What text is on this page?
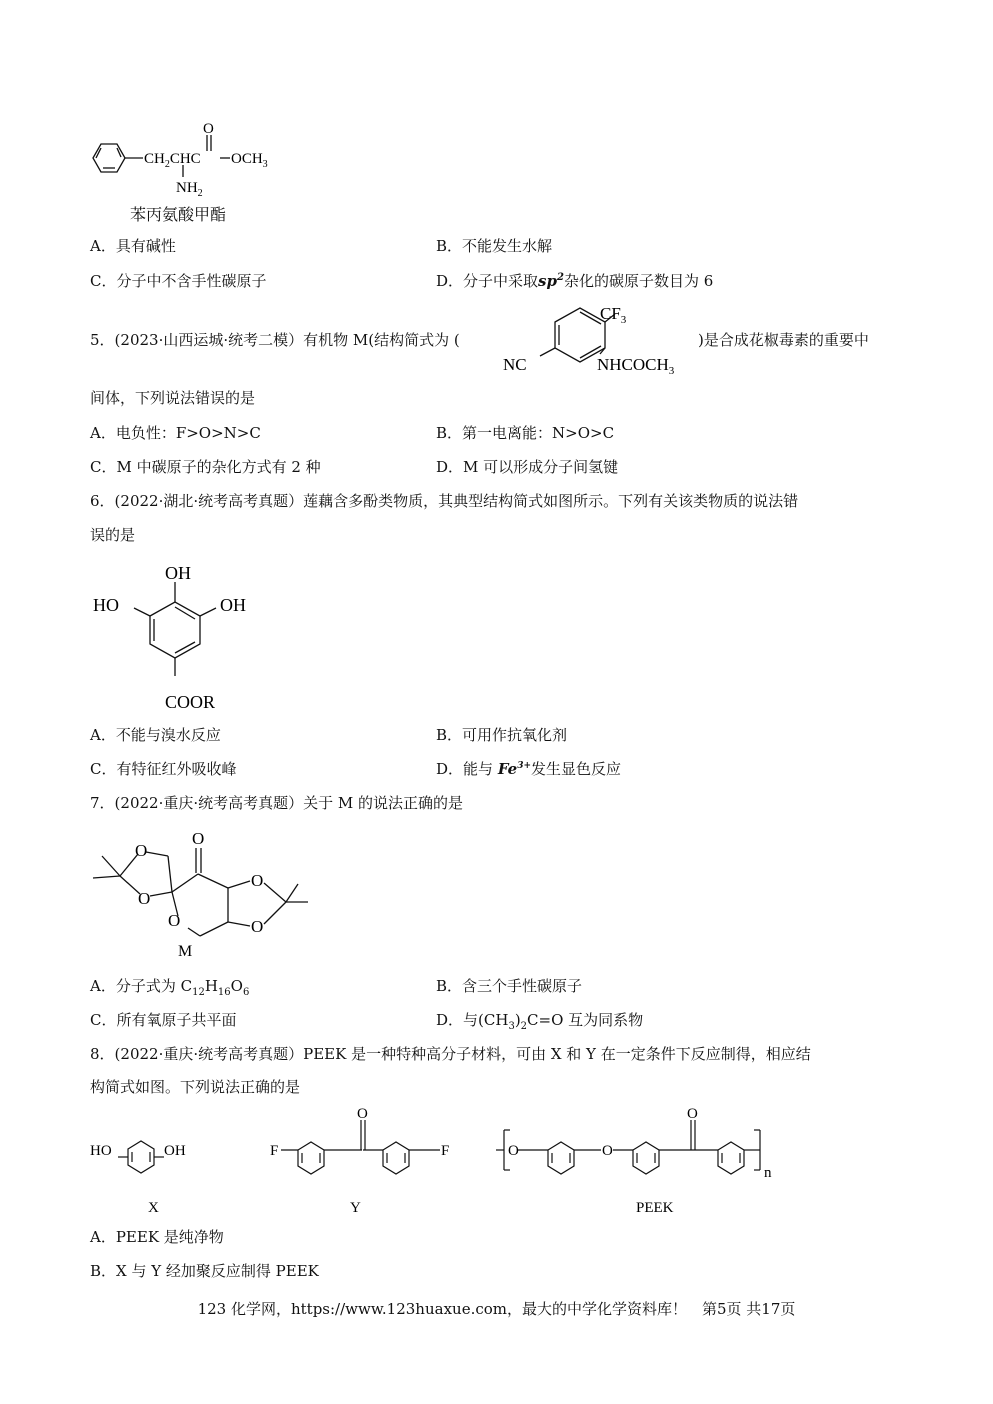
$CH_2CHC$ $OCH_3$
O
$NH_2$
苯丙氨酸甲酯
A．具有碱性	B．不能发生水解
C．分子中不含手性碳原子	D．分子中采取$sp^2$杂化的碳原子数目为 6
5．(2023·山西运城·统考二模）有机物 M(结构简式为 (
$CF_3$
NC	$NHCOCH_3$
)是合成花椒毒素的重要中
间体，下列说法错误的是
A．电负性：F>O>N>C	B．第一电离能：N>O>C
C．M 中碳原子的杂化方式有 2 种	D．M 可以形成分子间氢键
6．(2022·湖北·统考高考真题）莲藕含多酚类物质，其典型结构简式如图所示。下列有关该类物质的说法错
误的是
OH
HO	OH
COOR
A．不能与溴水反应	B．可用作抗氧化剂
C．有特征红外吸收峰	D．能与 $Fe^{3+}$发生显色反应
7．(2022·重庆·统考高考真题）关于 M 的说法正确的是
O
O
O
O
O
O
M
A．分子式为 $C_{12}H_{16}O_6$	B．含三个手性碳原子
C．所有氧原子共平面	D．与$(CH_3)_2C=O$ 互为同系物
8．(2022·重庆·统考高考真题）PEEK 是一种特种高分子材料，可由 X 和 Y 在一定条件下反应制得，相应结
构简式如图。下列说法正确的是
HO	OH
X
F	F
O
Y
O	O
O
n
PEEK
A．PEEK 是纯净物
B．X 与 Y 经加聚反应制得 PEEK
123 化学网，https://www.123huaxue.com，最大的中学化学资料库！　第5页 共17页
